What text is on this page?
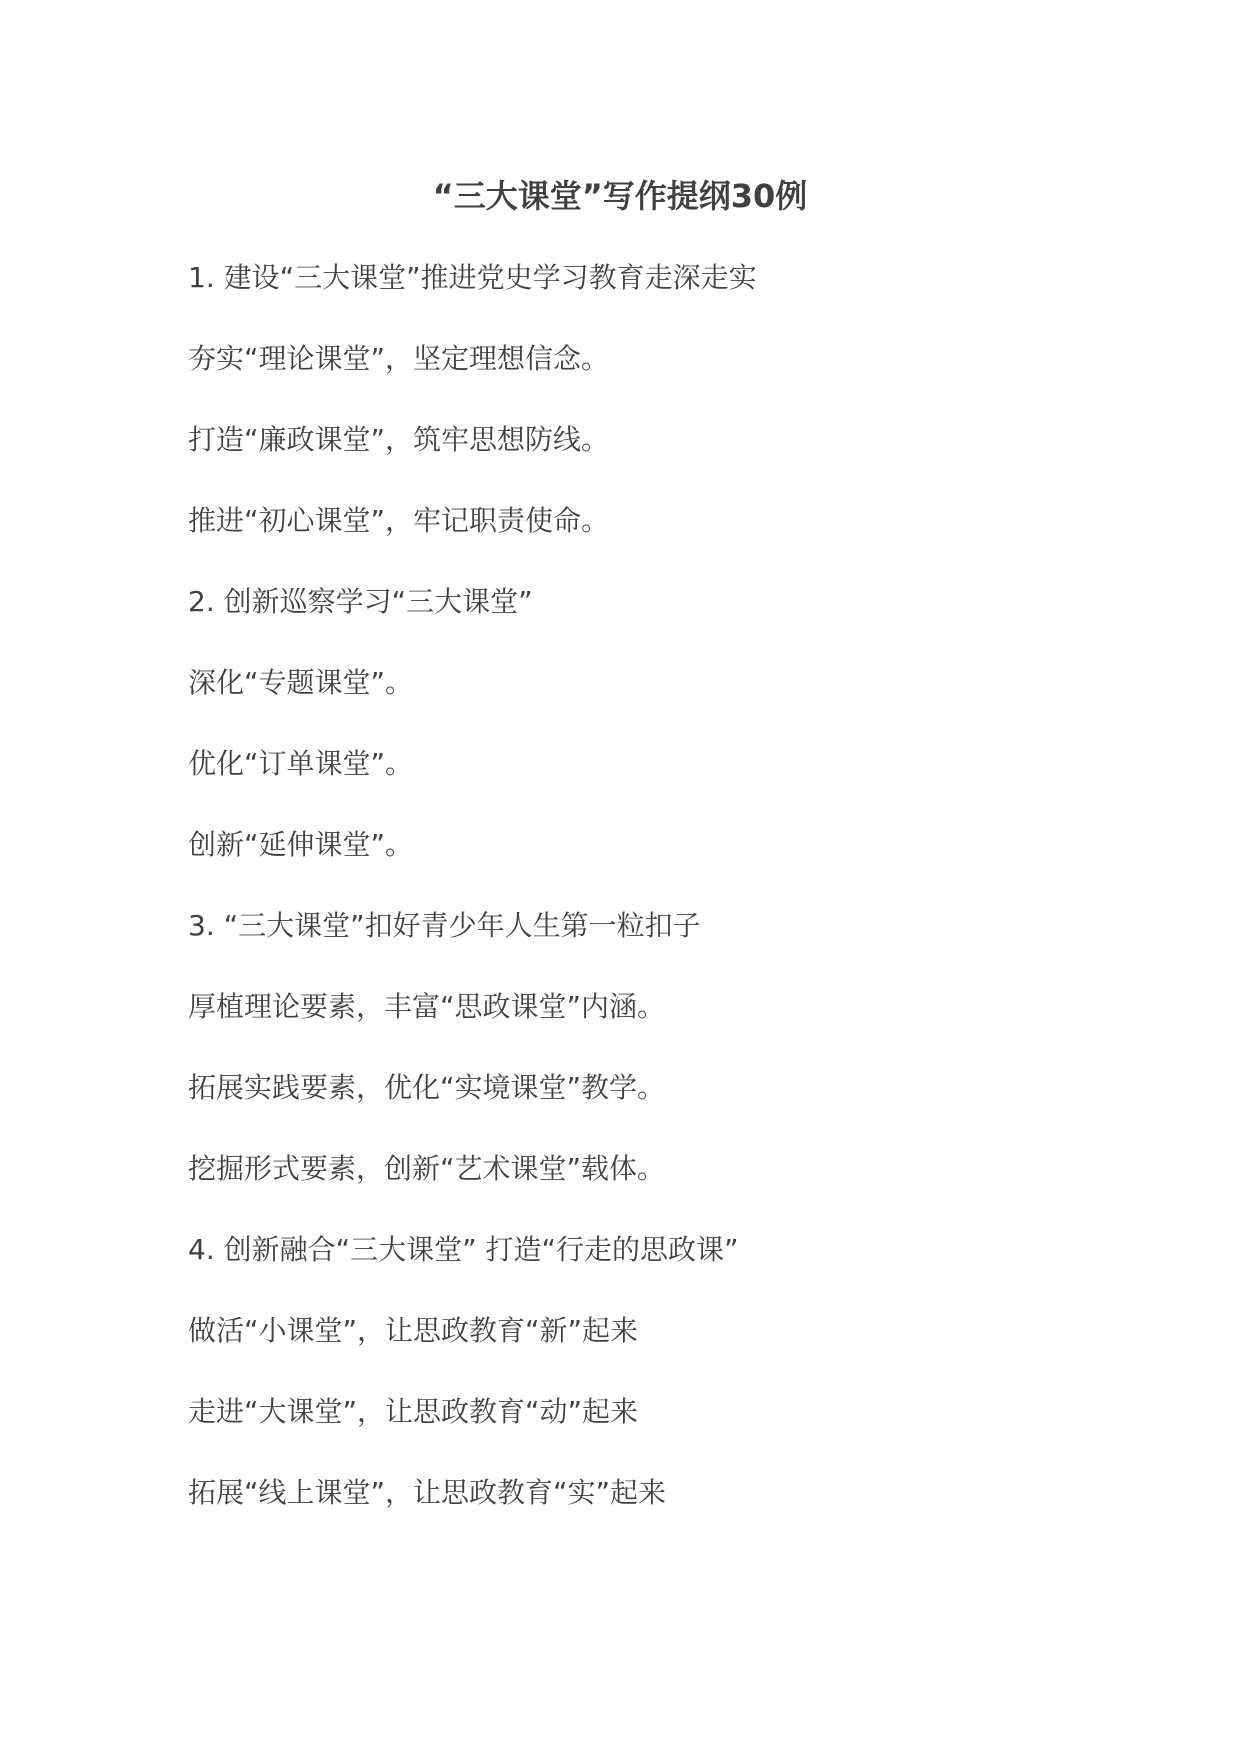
“三大课堂”写作提纲30例
1. 建设“三大课堂”推进党史学习教育走深走实
夯实“理论课堂”，坚定理想信念。
打造“廉政课堂”，筑牢思想防线。
推进“初心课堂”，牢记职责使命。
2. 创新巡察学习“三大课堂”
深化“专题课堂”。
优化“订单课堂”。
创新“延伸课堂”。
3. “三大课堂”扣好青少年人生第一粒扣子
厚植理论要素，丰富“思政课堂”内涵。
拓展实践要素，优化“实境课堂”教学。
挖掘形式要素，创新“艺术课堂”载体。
4. 创新融合“三大课堂” 打造“行走的思政课”
做活“小课堂”，让思政教育“新”起来
走进“大课堂”，让思政教育“动”起来
拓展“线上课堂”，让思政教育“实”起来
